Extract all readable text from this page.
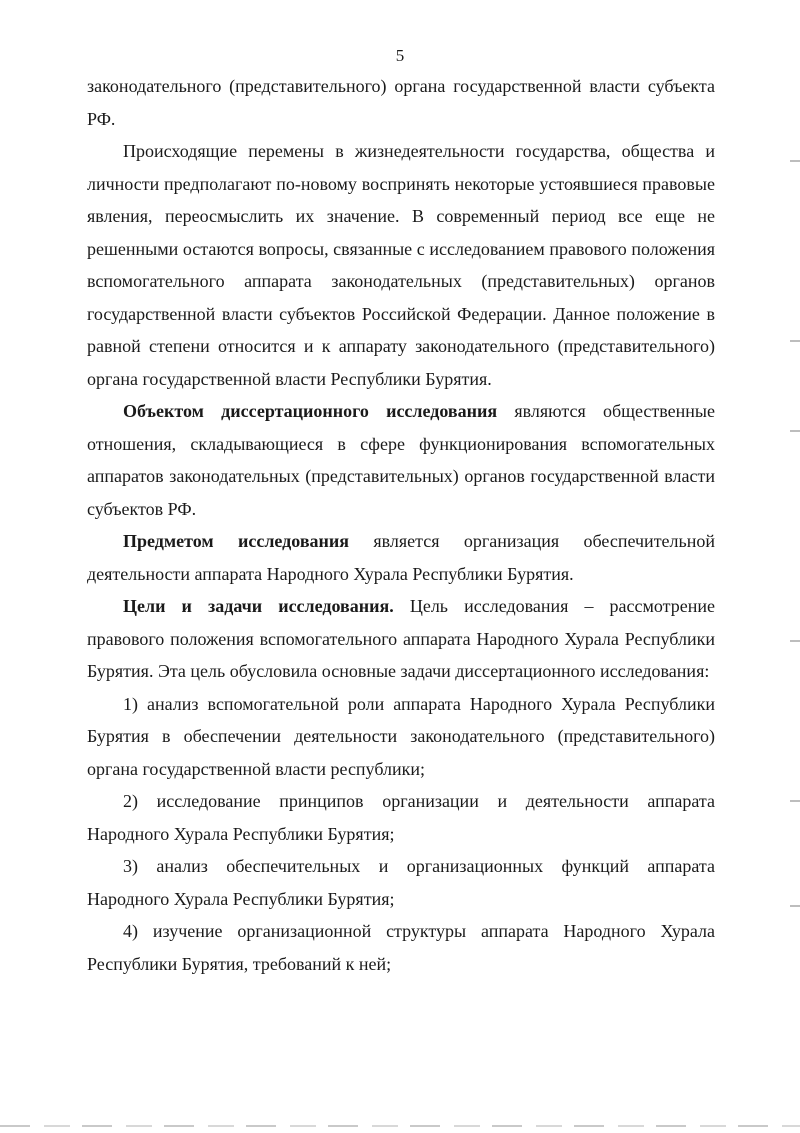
5

законодательного (представительного) органа государственной власти субъекта РФ.

Происходящие перемены в жизнедеятельности государства, общества и личности предполагают по-новому воспринять некоторые устоявшиеся правовые явления, переосмыслить их значение. В современный период все еще не решенными остаются вопросы, связанные с исследованием правового положения вспомогательного аппарата законодательных (представительных) органов государственной власти субъектов Российской Федерации. Данное положение в равной степени относится и к аппарату законодательного (представительного) органа государственной власти Республики Бурятия.

Объектом диссертационного исследования являются общественные отношения, складывающиеся в сфере функционирования вспомогательных аппаратов законодательных (представительных) органов государственной власти субъектов РФ.

Предметом исследования является организация обеспечительной деятельности аппарата Народного Хурала Республики Бурятия.

Цели и задачи исследования. Цель исследования – рассмотрение правового положения вспомогательного аппарата Народного Хурала Республики Бурятия. Эта цель обусловила основные задачи диссертационного исследования:

1) анализ вспомогательной роли аппарата Народного Хурала Республики Бурятия в обеспечении деятельности законодательного (представительного) органа государственной власти республики;

2) исследование принципов организации и деятельности аппарата Народного Хурала Республики Бурятия;

3) анализ обеспечительных и организационных функций аппарата Народного Хурала Республики Бурятия;

4) изучение организационной структуры аппарата Народного Хурала Республики Бурятия, требований к ней;
